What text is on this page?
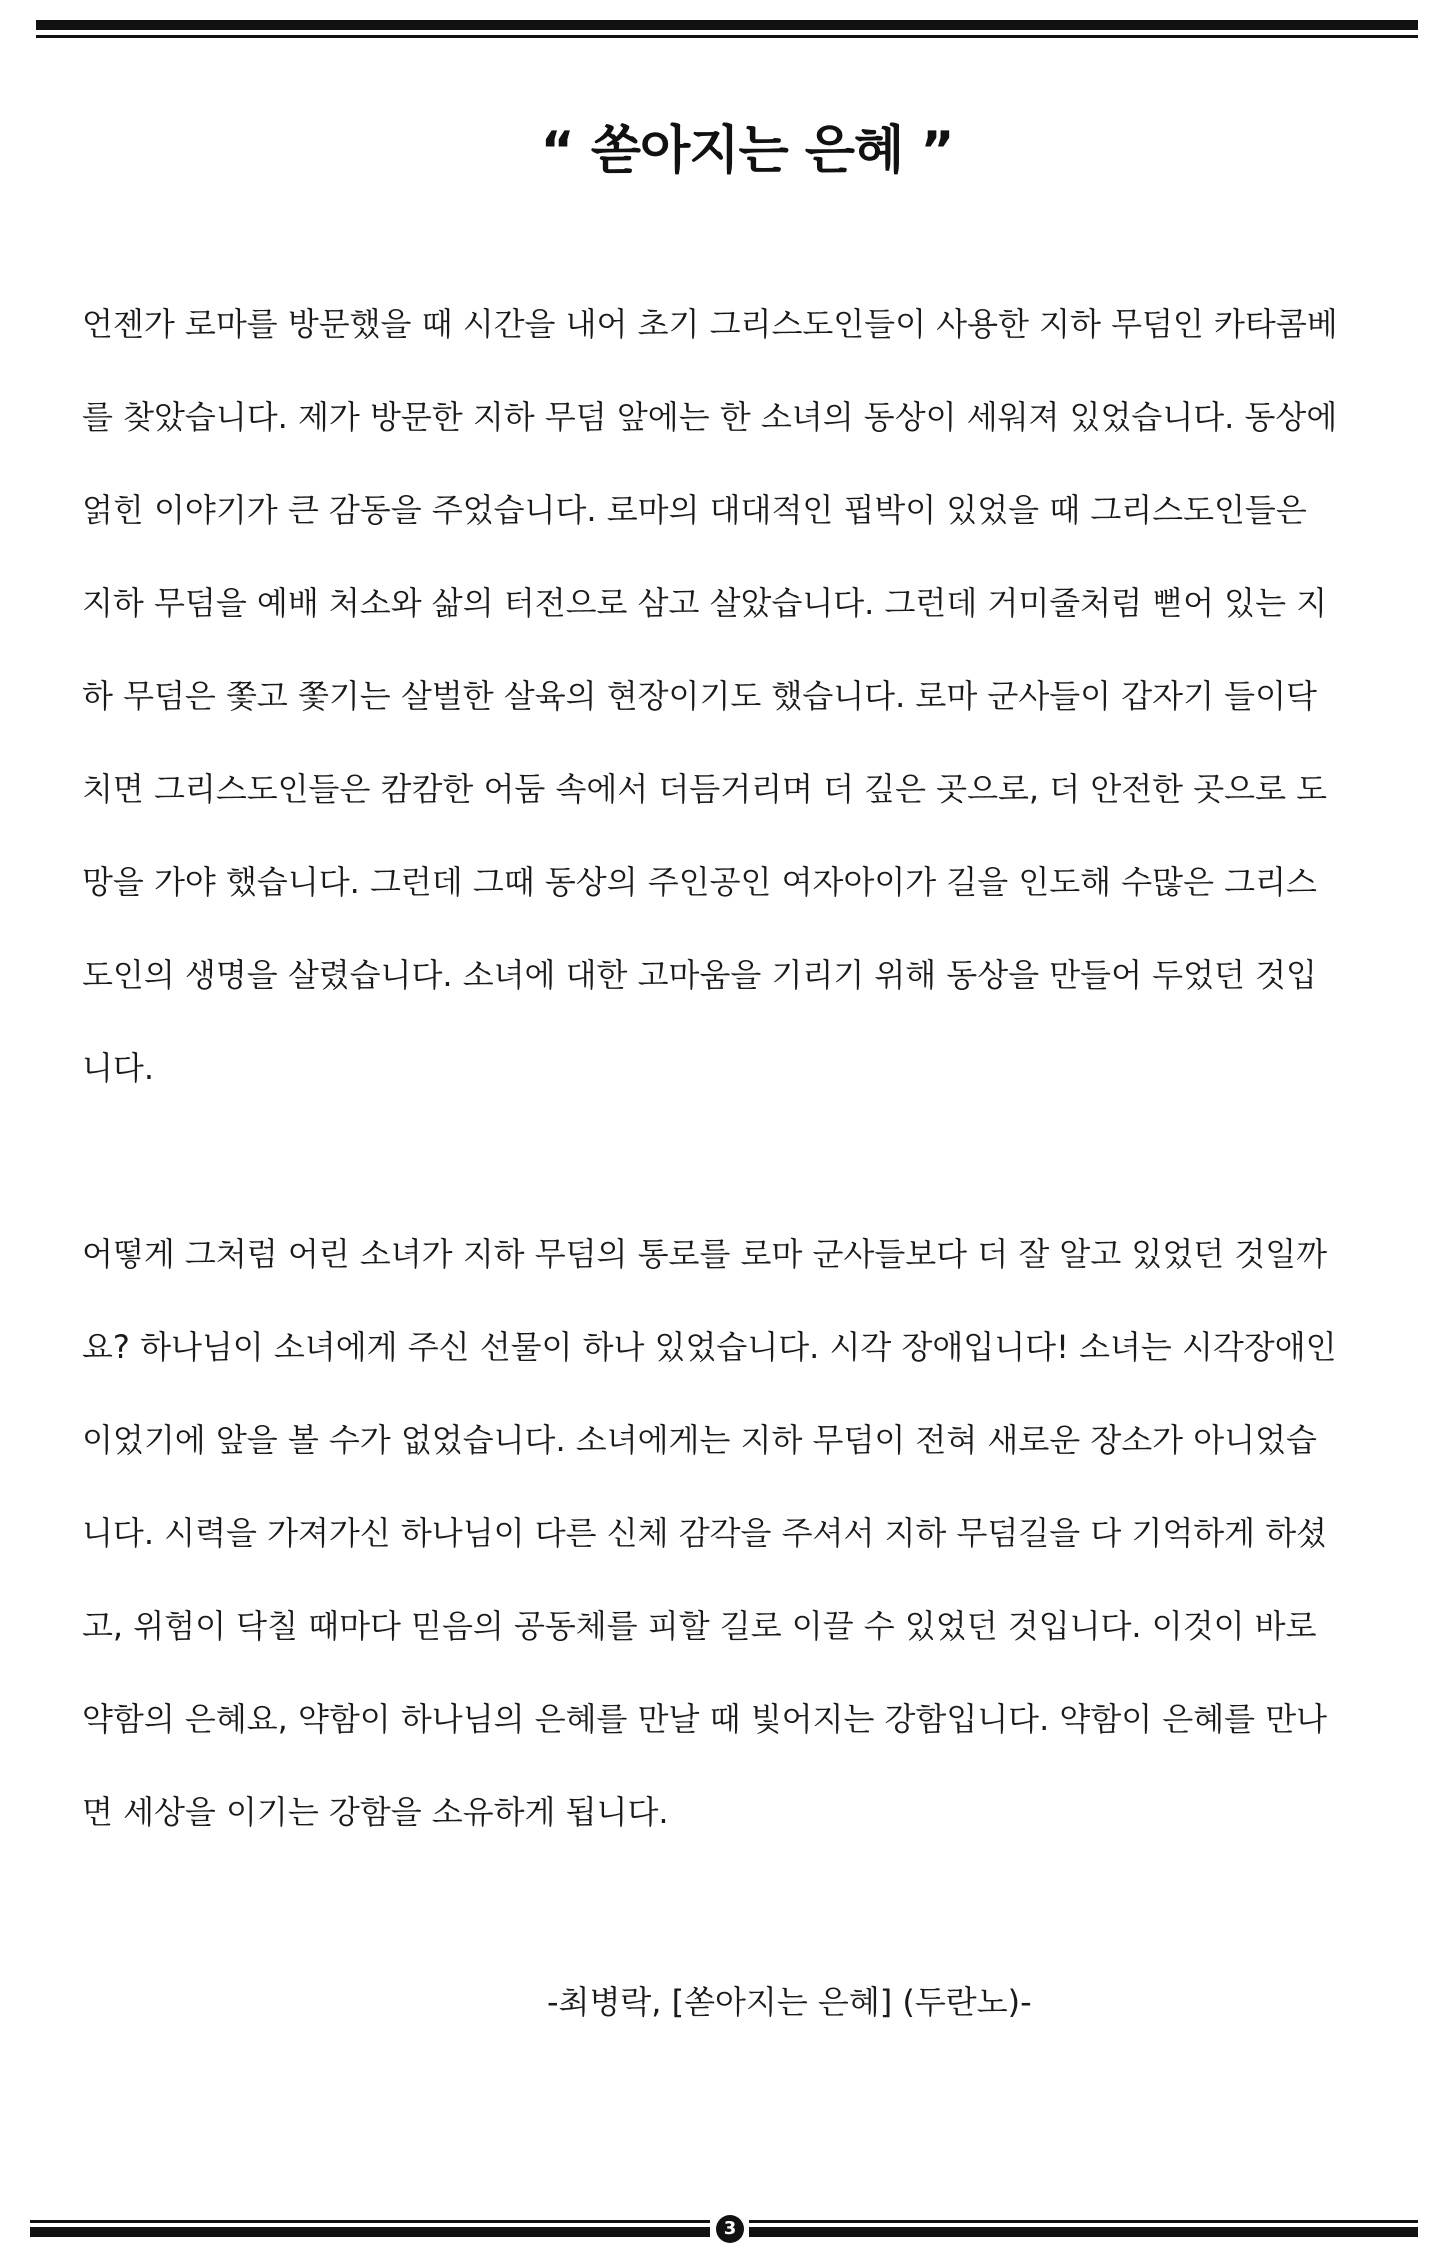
“ 쏟아지는 은혜 ”

언젠가 로마를 방문했을 때 시간을 내어 초기 그리스도인들이 사용한 지하 무덤인 카타콤베
를 찾았습니다. 제가 방문한 지하 무덤 앞에는 한 소녀의 동상이 세워져 있었습니다. 동상에
얽힌 이야기가 큰 감동을 주었습니다. 로마의 대대적인 핍박이 있었을 때 그리스도인들은
지하 무덤을 예배 처소와 삶의 터전으로 삼고 살았습니다. 그런데 거미줄처럼 뻗어 있는 지
하 무덤은 쫓고 쫓기는 살벌한 살육의 현장이기도 했습니다. 로마 군사들이 갑자기 들이닥
치면 그리스도인들은 캄캄한 어둠 속에서 더듬거리며 더 깊은 곳으로, 더 안전한 곳으로 도
망을 가야 했습니다. 그런데 그때 동상의 주인공인 여자아이가 길을 인도해 수많은 그리스
도인의 생명을 살렸습니다. 소녀에 대한 고마움을 기리기 위해 동상을 만들어 두었던 것입
니다.

어떻게 그처럼 어린 소녀가 지하 무덤의 통로를 로마 군사들보다 더 잘 알고 있었던 것일까
요? 하나님이 소녀에게 주신 선물이 하나 있었습니다. 시각 장애입니다! 소녀는 시각장애인
이었기에 앞을 볼 수가 없었습니다. 소녀에게는 지하 무덤이 전혀 새로운 장소가 아니었습
니다. 시력을 가져가신 하나님이 다른 신체 감각을 주셔서 지하 무덤길을 다 기억하게 하셨
고, 위험이 닥칠 때마다 믿음의 공동체를 피할 길로 이끌 수 있었던 것입니다. 이것이 바로
약함의 은혜요, 약함이 하나님의 은혜를 만날 때 빛어지는 강함입니다. 약함이 은혜를 만나
면 세상을 이기는 강함을 소유하게 됩니다.

-최병락, [쏟아지는 은혜] (두란노)-
3
